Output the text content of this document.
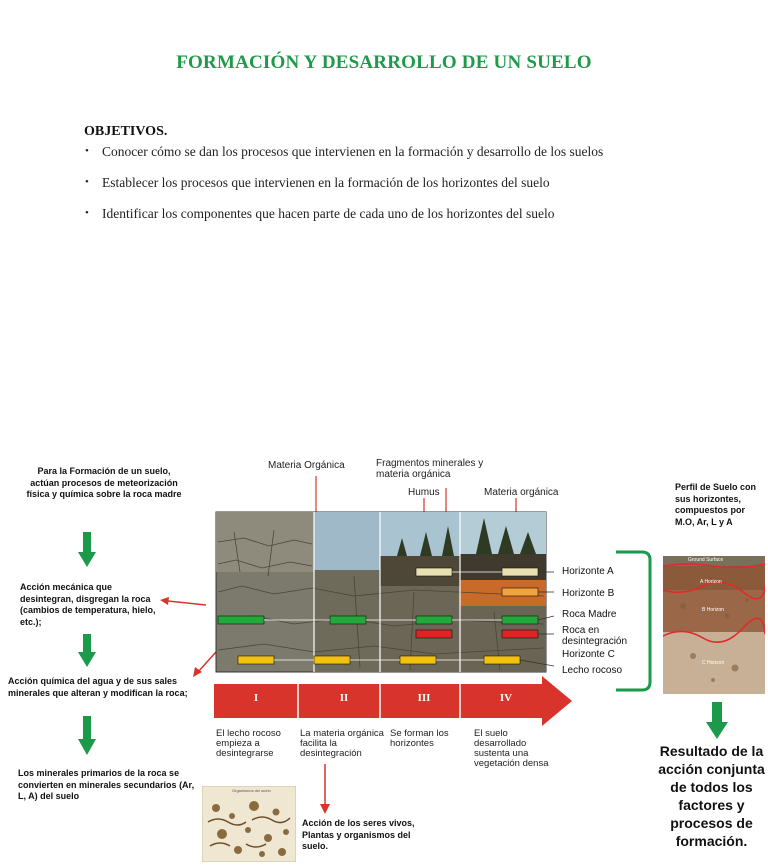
FORMACIÓN Y DESARROLLO DE UN SUELO
OBJETIVOS.
• Conocer cómo se dan los procesos que intervienen en la formación y desarrollo de los suelos
• Establecer los procesos que intervienen en la formación de los horizontes del suelo
• Identificar los componentes que hacen parte de cada uno de los horizontes del suelo
Para la Formación de un suelo, actúan procesos de meteorización física y química sobre la roca madre
Acción mecánica que desintegran, disgregan la roca (cambios de temperatura, hielo, etc.);
Acción química del agua y de sus sales minerales que alteran y modifican la roca;
Los minerales primarios de la roca se convierten en minerales secundarios (Ar, L, A) del suelo
Materia Orgánica	Fragmentos minerales y materia orgánica
Humus	Materia orgánica
Horizonte A
Horizonte B
Roca Madre
Roca en desintegración
Horizonte C
Lecho rocoso
I	II	III	IV
El lecho rocoso empieza a desintegrarse
La materia orgánica facilita la desintegración
Se forman los horizontes
El suelo desarrollado sustenta una vegetación densa
Organismos del suelo
Acción de los seres vivos, Plantas y organismos del suelo.
Perfil de Suelo con sus horizontes, compuestos por M.O, Ar, L y A
Ground Surface
A Horizon
B Horizon
C Horizon
Resultado de la acción conjunta de todos los factores y procesos de formación.
